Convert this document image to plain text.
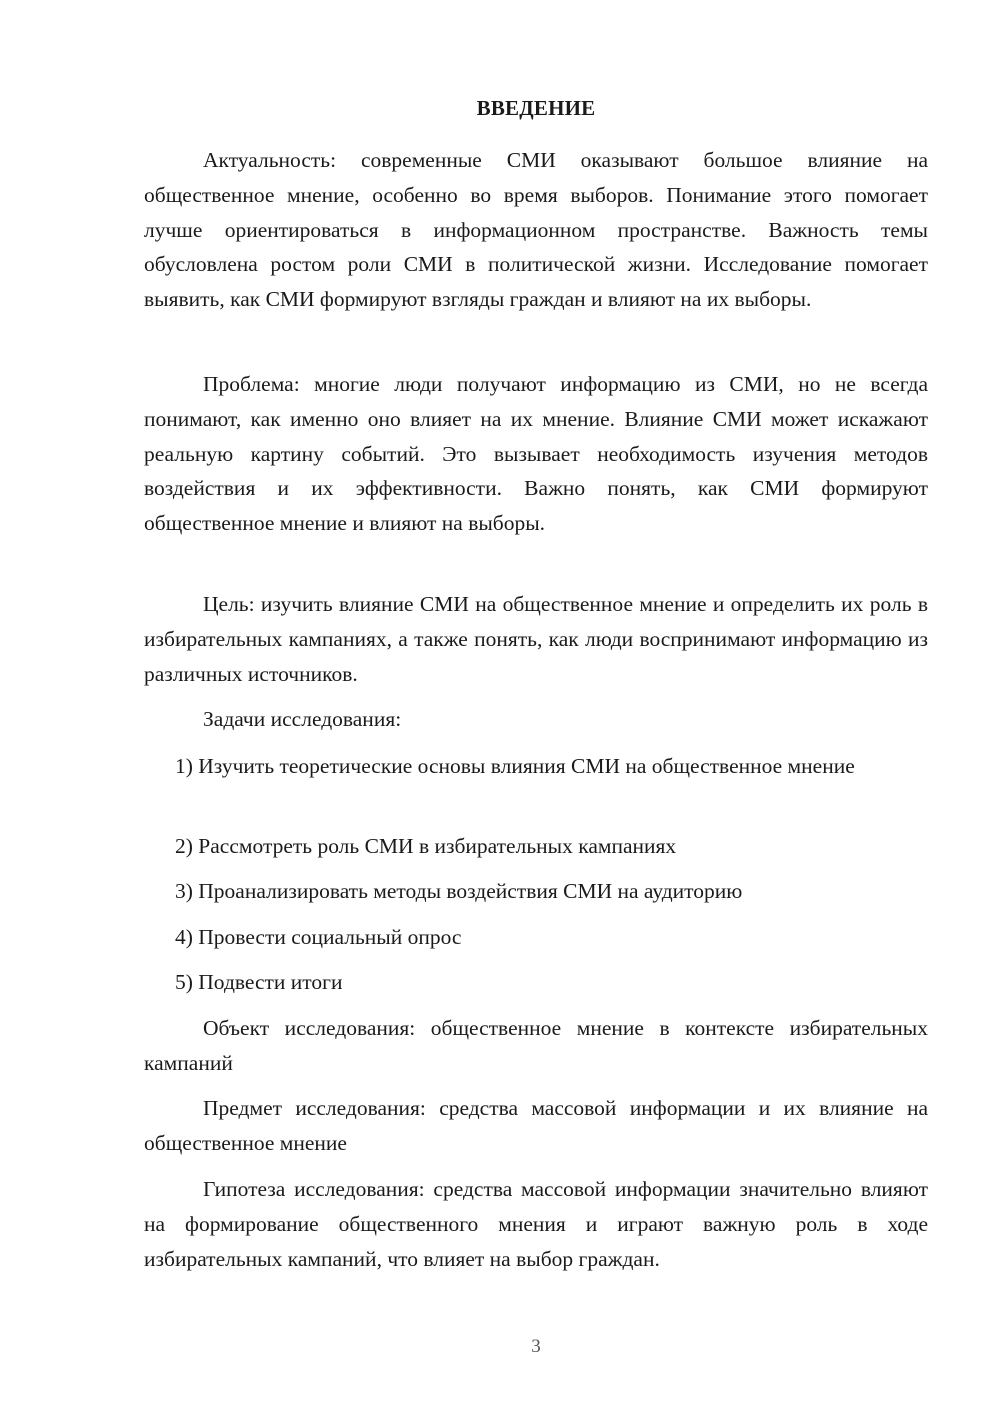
ВВЕДЕНИЕ

Актуальность: современные СМИ оказывают большое влияние на общественное мнение, особенно во время выборов. Понимание этого помогает лучше ориентироваться в информационном пространстве. Важность темы обусловлена ростом роли СМИ в политической жизни. Исследование помогает выявить, как СМИ формируют взгляды граждан и влияют на их выборы.

Проблема: многие люди получают информацию из СМИ, но не всегда понимают, как именно оно влияет на их мнение. Влияние СМИ может искажают реальную картину событий. Это вызывает необходимость изучения методов воздействия и их эффективности. Важно понять, как СМИ формируют общественное мнение и влияют на выборы.

Цель: изучить влияние СМИ на общественное мнение и определить их роль в избирательных кампаниях, а также понять, как люди воспринимают информацию из различных источников.

Задачи исследования:

1) Изучить теоретические основы влияния СМИ на общественное мнение

2) Рассмотреть роль СМИ в избирательных кампаниях

3) Проанализировать методы воздействия СМИ на аудиторию

4) Провести социальный опрос

5) Подвести итоги

Объект исследования: общественное мнение в контексте избирательных кампаний

Предмет исследования: средства массовой информации и их влияние на общественное мнение

Гипотеза исследования: средства массовой информации значительно влияют на формирование общественного мнения и играют важную роль в ходе избирательных кампаний, что влияет на выбор граждан.

3
